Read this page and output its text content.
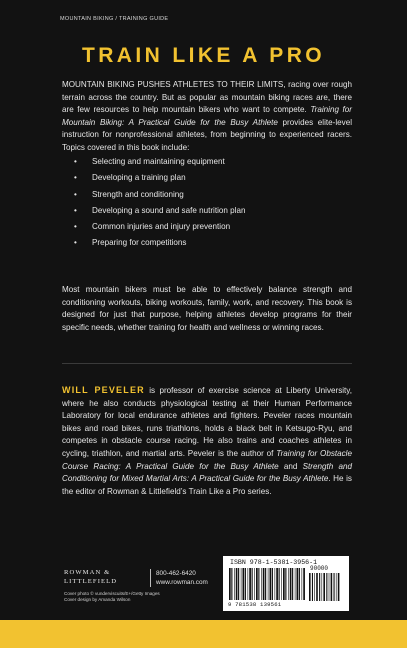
MOUNTAIN BIKING / TRAINING GUIDE
TRAIN LIKE A PRO
MOUNTAIN BIKING PUSHES ATHLETES TO THEIR LIMITS, racing over rough terrain across the country. But as popular as mountain biking races are, there are few resources to help mountain bikers who want to compete. Training for Mountain Biking: A Practical Guide for the Busy Athlete provides elite-level instruction for nonprofessional athletes, from beginning to experienced racers. Topics covered in this book include:
• Selecting and maintaining equipment
• Developing a training plan
• Strength and conditioning
• Developing a sound and safe nutrition plan
• Common injuries and injury prevention
• Preparing for competitions
Most mountain bikers must be able to effectively balance strength and conditioning workouts, biking workouts, family, work, and recovery. This book is designed for just that purpose, helping athletes develop programs for their specific needs, whether training for health and wellness or winning races.
WILL PEVELER is professor of exercise science at Liberty University, where he also conducts physiological testing at their Human Performance Laboratory for local endurance athletes and fighters. Peveler races mountain bikes and road bikes, runs triathlons, holds a black belt in Ketsugo-Ryu, and competes in obstacle course racing. He also trains and coaches athletes in cycling, triathlon, and martial arts. Peveler is the author of Training for Obstacle Course Racing: A Practical Guide for the Busy Athlete and Strength and Conditioning for Mixed Martial Arts: A Practical Guide for the Busy Athlete. He is the editor of Rowman & Littlefield’s Train Like a Pro series.
ROWMAN &
LITTLEFIELD
800-462-6420
www.rowman.com
Cover photo © vunderviscuits/E+/Getty Images
Cover design by Amanda Wilson
ISBN 978-1-5381-3956-1
90000
9 781538 139561
